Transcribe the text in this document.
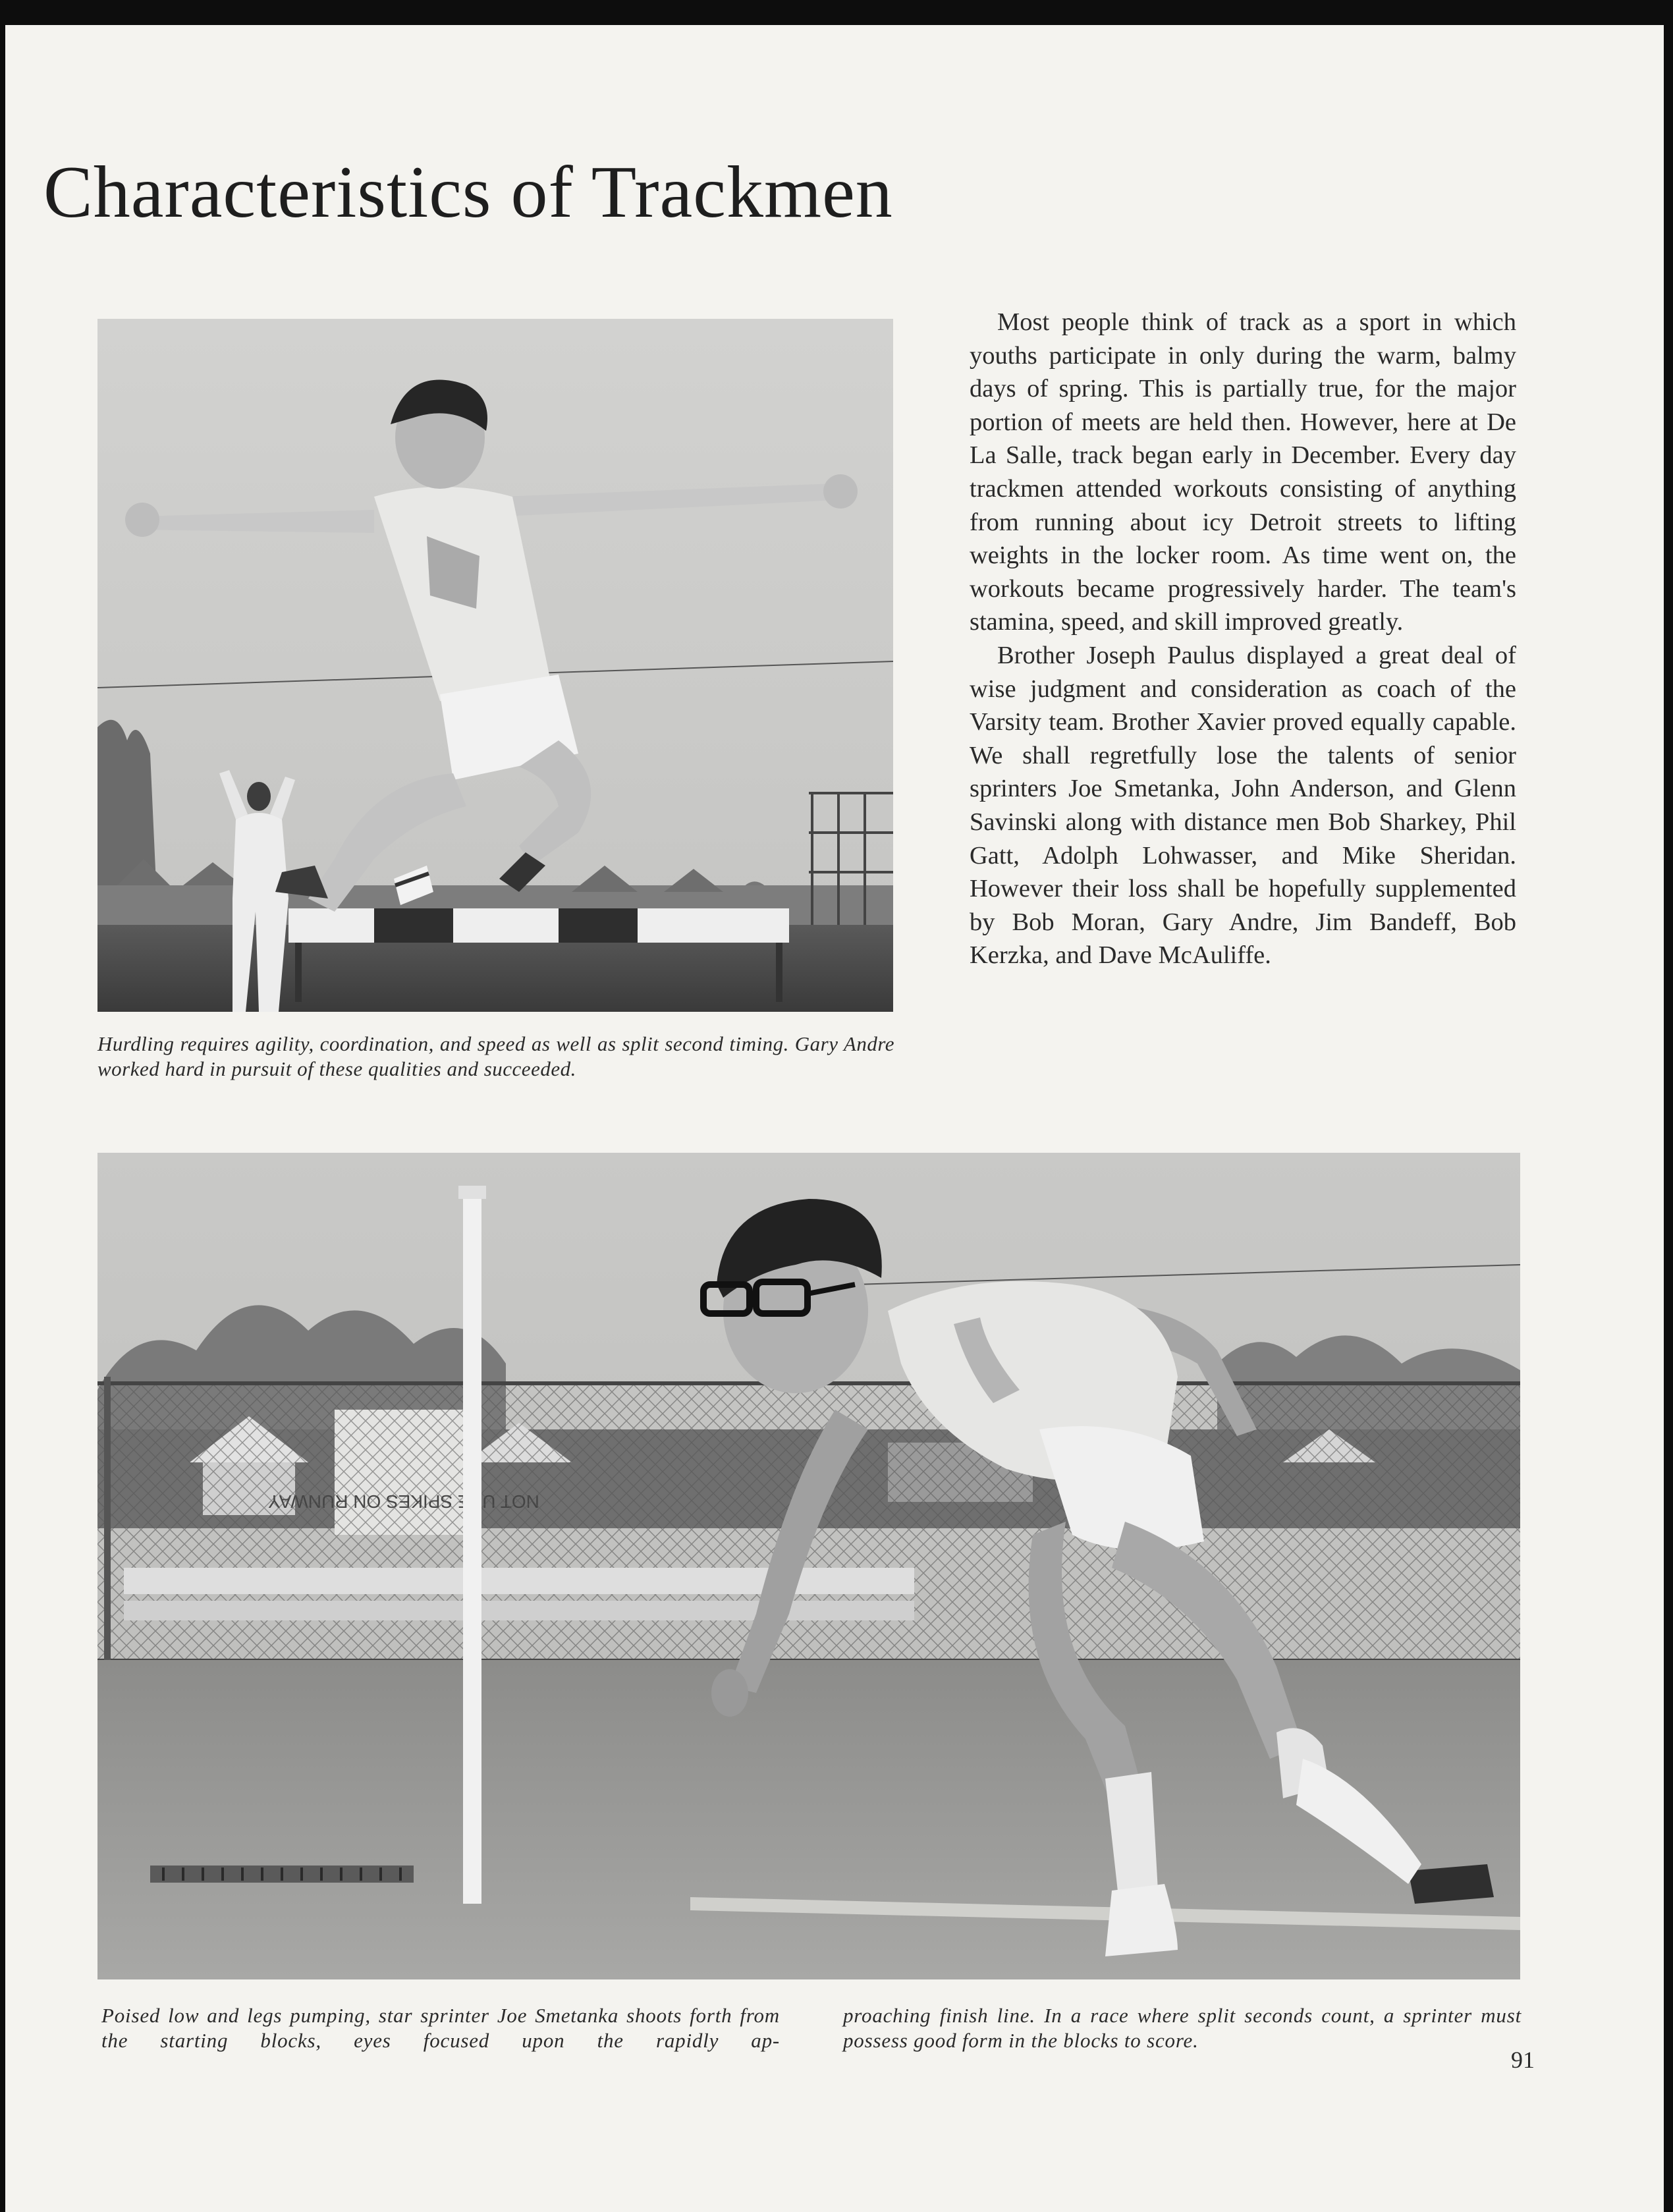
Characteristics of Trackmen

Hurdling requires agility, coordination, and speed as well as split second timing. Gary Andre worked hard in pursuit of these qualities and succeeded.

Most people think of track as a sport in which youths participate in only during the warm, balmy days of spring. This is partially true, for the major portion of meets are held then. However, here at De La Salle, track began early in December. Every day trackmen attended workouts consisting of anything from running about icy Detroit streets to lifting weights in the locker room. As time went on, the workouts became progressively harder. The team's stamina, speed, and skill improved greatly.

Brother Joseph Paulus displayed a great deal of wise judgment and consideration as coach of the Varsity team. Brother Xavier proved equally capable. We shall regretfully lose the talents of senior sprinters Joe Smetanka, John Anderson, and Glenn Savinski along with distance men Bob Sharkey, Phil Gatt, Adolph Lohwasser, and Mike Sheridan. However their loss shall be hopefully supplemented by Bob Moran, Gary Andre, Jim Bandeff, Bob Kerzka, and Dave McAuliffe.

Poised low and legs pumping, star sprinter Joe Smetanka shoots forth from the starting blocks, eyes focused upon the rapidly ap-

proaching finish line. In a race where split seconds count, a sprinter must possess good form in the blocks to score.

91
